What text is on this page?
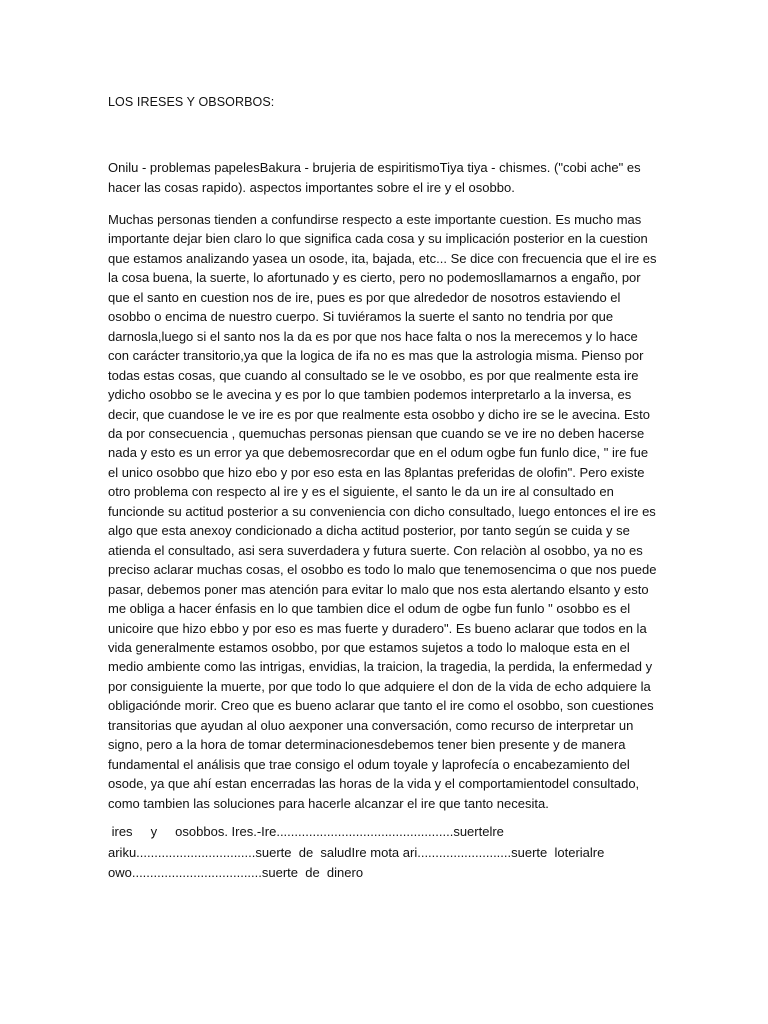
LOS IRESES Y OBSORBOS:
Onilu - problemas papelesBakura - brujeria de espiritismoTiya tiya - chismes. ("cobi ache" es hacer las cosas rapido). aspectos importantes sobre el ire y el osobbo.
Muchas personas tienden a confundirse respecto a este importante cuestion. Es mucho mas importante dejar bien claro lo que significa cada cosa y su implicación posterior en la cuestion que estamos analizando yasea un osode, ita, bajada, etc... Se dice con frecuencia que el ire es la cosa buena, la suerte, lo afortunado y es cierto, pero no podemosllamarnos a engaño, por que el santo en cuestion nos de ire, pues es por que alrededor de nosotros estaviendo el osobbo o encima de nuestro cuerpo. Si tuviéramos la suerte el santo no tendria por que darnosla,luego si el santo nos la da es por que nos hace falta o nos la merecemos y lo hace con carácter transitorio,ya que la logica de ifa no es mas que la astrologia misma. Pienso por todas estas cosas, que cuando al consultado se le ve osobbo, es por que realmente esta ire ydicho osobbo se le avecina y es por lo que tambien podemos interpretarlo a la inversa, es decir, que cuandose le ve ire es por que realmente esta osobbo y dicho ire se le avecina. Esto da por consecuencia , quemuchas personas piensan que cuando se ve ire no deben hacerse nada y esto es un error ya que debemosrecordar que en el odum ogbe fun funlo dice, " ire fue el unico osobbo que hizo ebo y por eso esta en las 8plantas preferidas de olofin". Pero existe otro problema con respecto al ire y es el siguiente, el santo le da un ire al consultado en funcionde su actitud posterior a su conveniencia con dicho consultado, luego entonces el ire es algo que esta anexoy condicionado a dicha actitud posterior, por tanto según se cuida y se atienda el consultado, asi sera suverdadera y futura suerte. Con relaciòn al osobbo, ya no es preciso aclarar muchas cosas, el osobbo es todo lo malo que tenemosencima o que nos puede pasar, debemos poner mas atención para evitar lo malo que nos esta alertando elsanto y esto me obliga a hacer énfasis en lo que tambien dice el odum de ogbe fun funlo " osobbo es el unicoire que hizo ebbo y por eso es mas fuerte y duradero". Es bueno aclarar que todos en la vida generalmente estamos osobbo, por que estamos sujetos a todo lo maloque esta en el medio ambiente como las intrigas, envidias, la traicion, la tragedia, la perdida, la enfermedad y por consiguiente la muerte, por que todo lo que adquiere el don de la vida de echo adquiere la obligaciónde morir. Creo que es bueno aclarar que tanto el ire como el osobbo, son cuestiones transitorias que ayudan al oluo aexponer una conversación, como recurso de interpretar un signo, pero a la hora de tomar determinacionesdebemos tener bien presente y de manera fundamental el análisis que trae consigo el odum toyale y laprofecía o encabezamiento del osode, ya que ahí estan encerradas las horas de la vida y el comportamientodel consultado, como tambien las soluciones para hacerle alcanzar el ire que tanto necesita.
ires     y     osobbos. Ires.-Ire.................................................suertelre
ariku.................................suerte  de  saludIre mota ari..........................suerte  loterialre
owo....................................suerte  de  dinero
